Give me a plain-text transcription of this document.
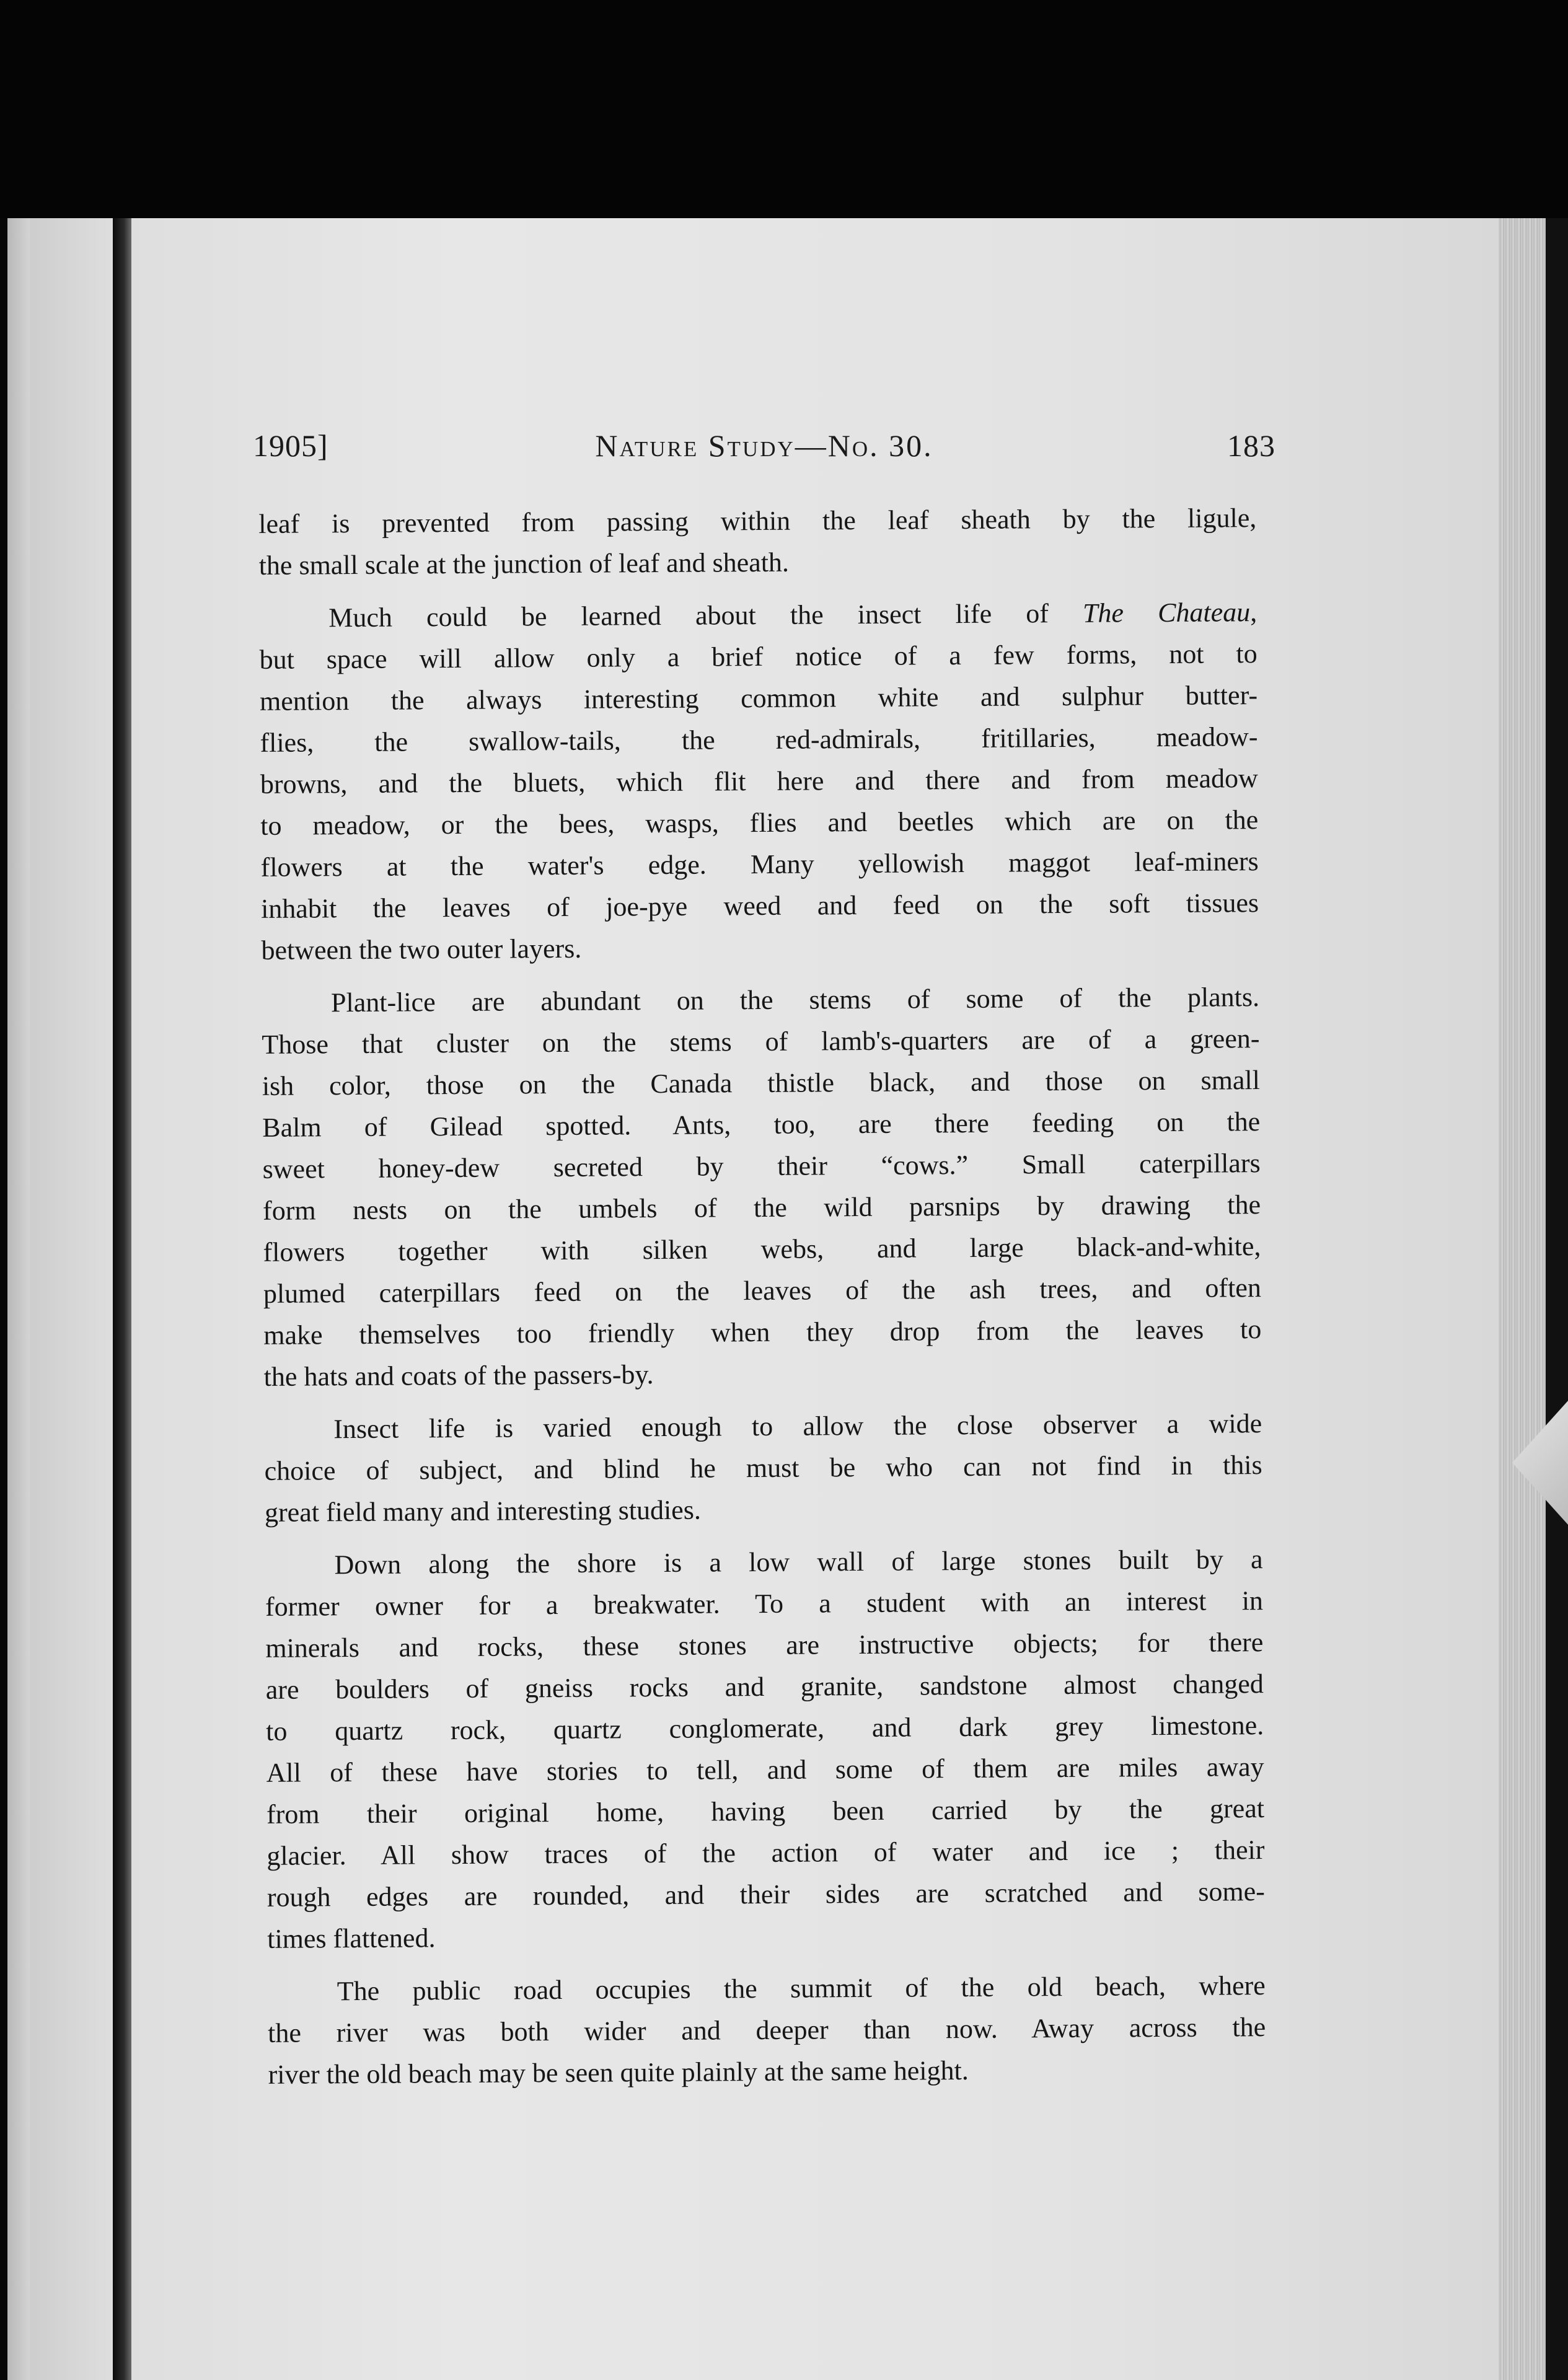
1905]	Nature Study—No. 30.	183
leaf is prevented from passing within the leaf sheath by the ligule,
the small scale at the junction of leaf and sheath.
Much could be learned about the insect life of The Chateau,
but space will allow only a brief notice of a few forms, not to
mention the always interesting common white and sulphur butter-
flies, the swallow-tails, the red-admirals, fritillaries, meadow-
browns, and the bluets, which flit here and there and from meadow
to meadow, or the bees, wasps, flies and beetles which are on the
flowers at the water's edge. Many yellowish maggot leaf-miners
inhabit the leaves of joe-pye weed and feed on the soft tissues
between the two outer layers.
Plant-lice are abundant on the stems of some of the plants.
Those that cluster on the stems of lamb's-quarters are of a green-
ish color, those on the Canada thistle black, and those on small
Balm of Gilead spotted. Ants, too, are there feeding on the
sweet honey-dew secreted by their “cows.” Small caterpillars
form nests on the umbels of the wild parsnips by drawing the
flowers together with silken webs, and large black-and-white,
plumed caterpillars feed on the leaves of the ash trees, and often
make themselves too friendly when they drop from the leaves to
the hats and coats of the passers-by.
Insect life is varied enough to allow the close observer a wide
choice of subject, and blind he must be who can not find in this
great field many and interesting studies.
Down along the shore is a low wall of large stones built by a
former owner for a breakwater. To a student with an interest in
minerals and rocks, these stones are instructive objects; for there
are boulders of gneiss rocks and granite, sandstone almost changed
to quartz rock, quartz conglomerate, and dark grey limestone.
All of these have stories to tell, and some of them are miles away
from their original home, having been carried by the great
glacier. All show traces of the action of water and ice ; their
rough edges are rounded, and their sides are scratched and some-
times flattened.
The public road occupies the summit of the old beach, where
the river was both wider and deeper than now. Away across the
river the old beach may be seen quite plainly at the same height.
